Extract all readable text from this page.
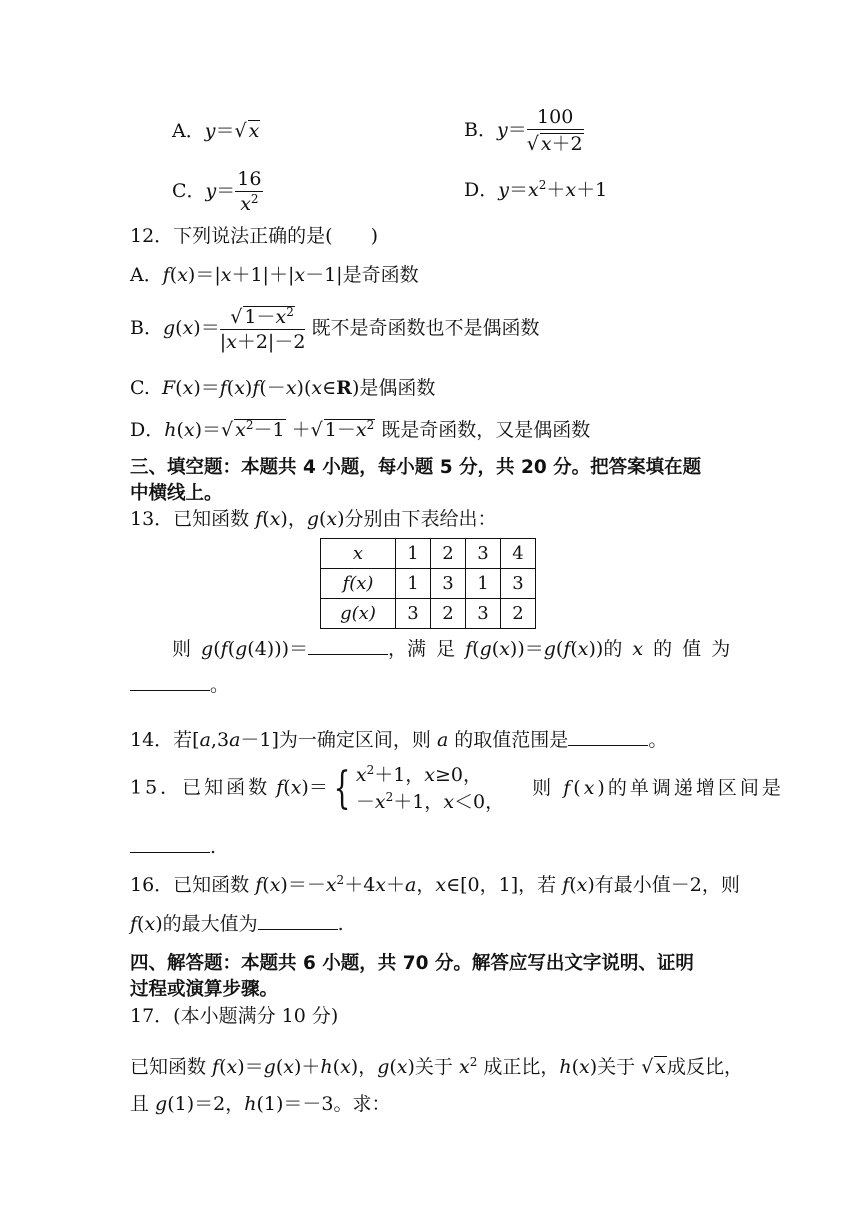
A．y＝√ x	B．$y= \frac{100}{√ x+2}$
C．$y= \frac{16}{x^2}$	D．$y=x^2+x+1$
12．下列说法正确的是(　　)
A．f(x)＝|x＋1|＋|x－1|是奇函数
B．$g(x)= \frac{√ 1-x^2}{|x+2|-2}$ 既不是奇函数也不是偶函数
C.  F(x)＝f(x)f(－x)(x∈R)是偶函数
D．h(x)＝√ $x^2-1$ ＋√ $1-x^2$ 既是奇函数，又是偶函数
三、填空题：本题共 4 小题，每小题 5 分，共 20 分。把答案填在题
中横线上。
13．已知函数 f(x)，g(x)分别由下表给出：
x	1	2	3	4
f(x)	1	3	1	3
g(x)	3	2	3	2
则 g(f(g(4)))＝	，满 足 f(g(x))＝g(f(x))的 x 的 值 为
。
14．若[a,3a－1]为一确定区间，则 a 的取值范围是	。
15．已知函数 f(x)＝ { $x^2+1$，x≥0，
$-x^2+1$，x＜0， 则 f(x)的单调递增区间是
.
16．已知函数 $f(x)=-x^2+4x+a$，x∈[0，1]，若 f(x)有最小值－2，则
f(x)的最大值为	.
四、解答题：本题共 6 小题，共 70 分。解答应写出文字说明、证明
过程或演算步骤。
17．(本小题满分 10 分)
已知函数 f(x)＝g(x)＋h(x)，g(x)关于 $x^2$ 成正比，h(x)关于 √ x成反比，
且 g(1)＝2，h(1)＝－3。求：
